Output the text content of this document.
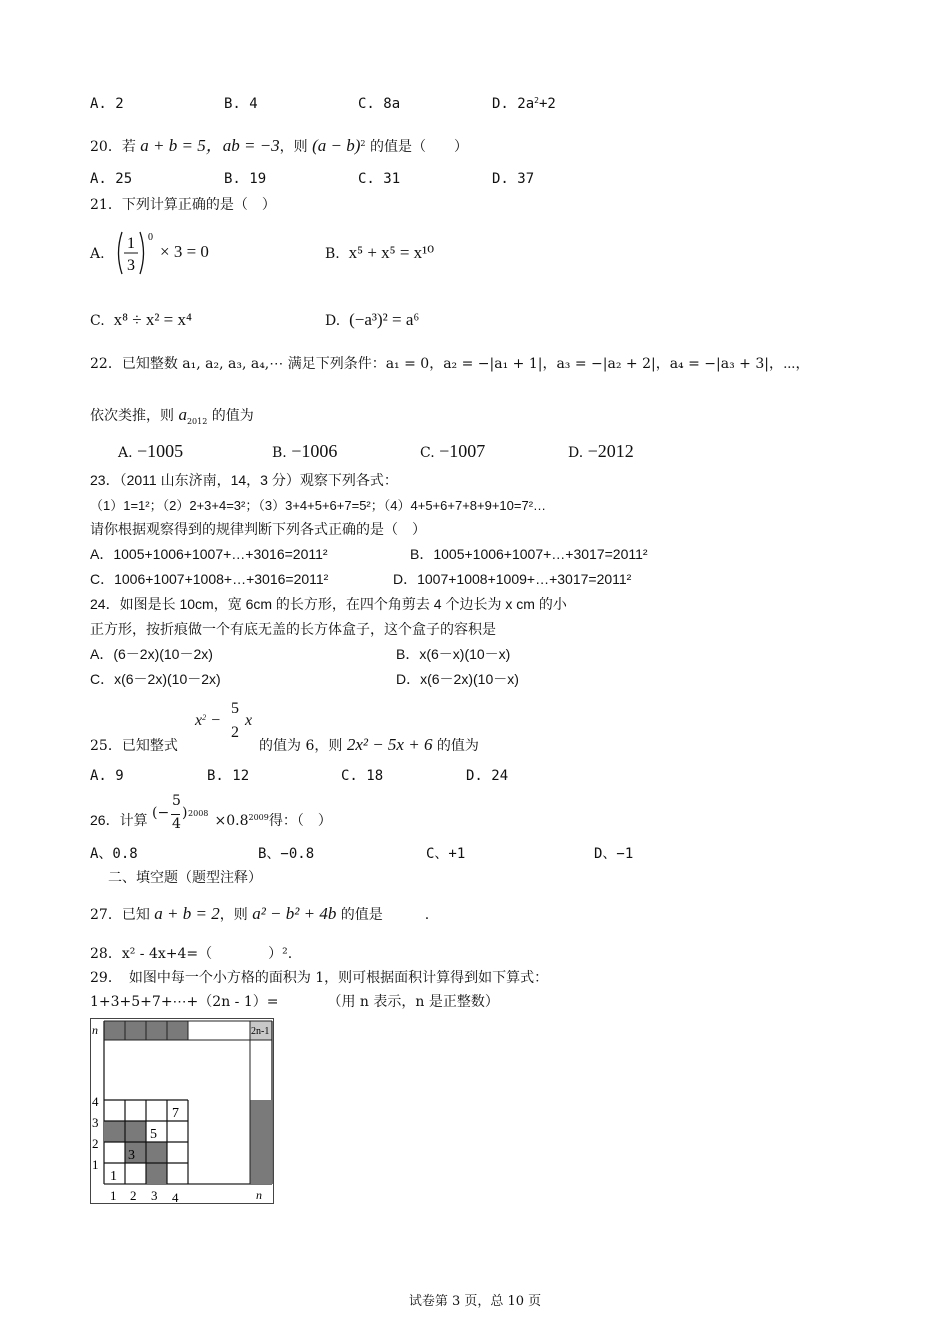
A. 2	B. 4	C. 8a	D. $2a^2+2$
20．若 a + b = 5，ab = −3，则 $(a - b)^2$ 的值是（　　）
A. 25	B. 19	C. 31	D. 37
21．下列计算正确的是（　）
A.
1
3
0
× 3 = 0	B. x⁵ + x⁵ = x¹⁰
C. x⁸ ÷ x² = x⁴	D. (−a³)² = a⁶
22．已知整数 a₁, a₂, a₃, a₄,⋯ 满足下列条件：a₁ = 0，a₂ = −|a₁ + 1|，a₃ = −|a₂ + 2|，a₄ = −|a₃ + 3|，⋯，
依次类推，则 $a_{2012}$ 的值为
A. −1005	B. −1006	C. −1007	D. −2012
23．（2011 山东济南，14，3 分）观察下列各式：
（1）1=1²；（2）2+3+4=3²；（3）3+4+5+6+7=5²；（4）4+5+6+7+8+9+10=7²…
请你根据观察得到的规律判断下列各式正确的是（　）
A．1005+1006+1007+…+3016=2011²	B．1005+1006+1007+…+3017=2011²
C．1006+1007+1008+…+3016=2011²	D．1007+1008+1009+…+3017=2011²
24．如图是长 10cm，宽 6cm 的长方形，在四个角剪去 4 个边长为 x cm 的小
正方形，按折痕做一个有底无盖的长方体盒子，这个盒子的容积是
A．(6－2x)(10－2x)	B．x(6－x)(10－x)
C．x(6－2x)(10－2x)	D．x(6－2x)(10－x)
25．已知整式
$x^2$ −
5
2
x
的值为 6，则 2x² − 5x + 6 的值为
A. 9	B. 12	C. 18	D. 24
26．计算 (−
5
4
) $2008 \times 0.8^{2009}$得：（　）
A、0.8	B、−0.8	C、+1	D、−1
二、填空题（题型注释）
27．已知 a + b = 2，则 a² − b² + 4b 的值是　　　.
28．x² - 4x+4=（　　　　）².
29．　如图中每一个小方格的面积为 1，则可根据面积计算得到如下算式：
1+3+5+7+⋯+（2n - 1）=　　　　（用 n 表示，n 是正整数）
n	2n-1
n
4
3
2
1
1 2 3 4
7
5
3
1
试卷第 3 页，总 10 页
